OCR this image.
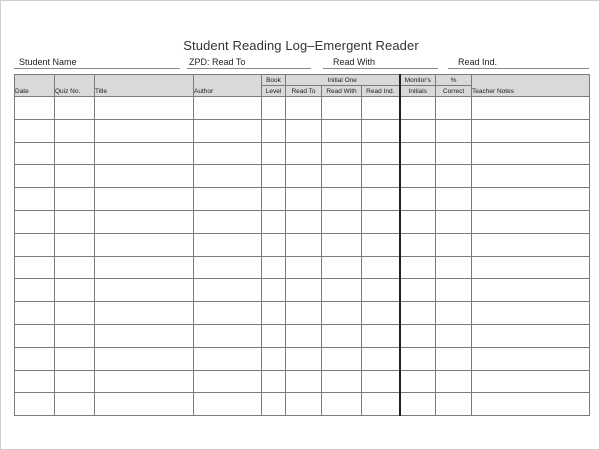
Student Reading Log–Emergent Reader
Student Name	ZPD: Read To	Read With	Read Ind.
Date	Quiz No.	Title	Author	Book	Initial One			Monitor's	%	Teacher Notes
				Level	Read To	Read With	Read Ind.	Initials	Correct	
